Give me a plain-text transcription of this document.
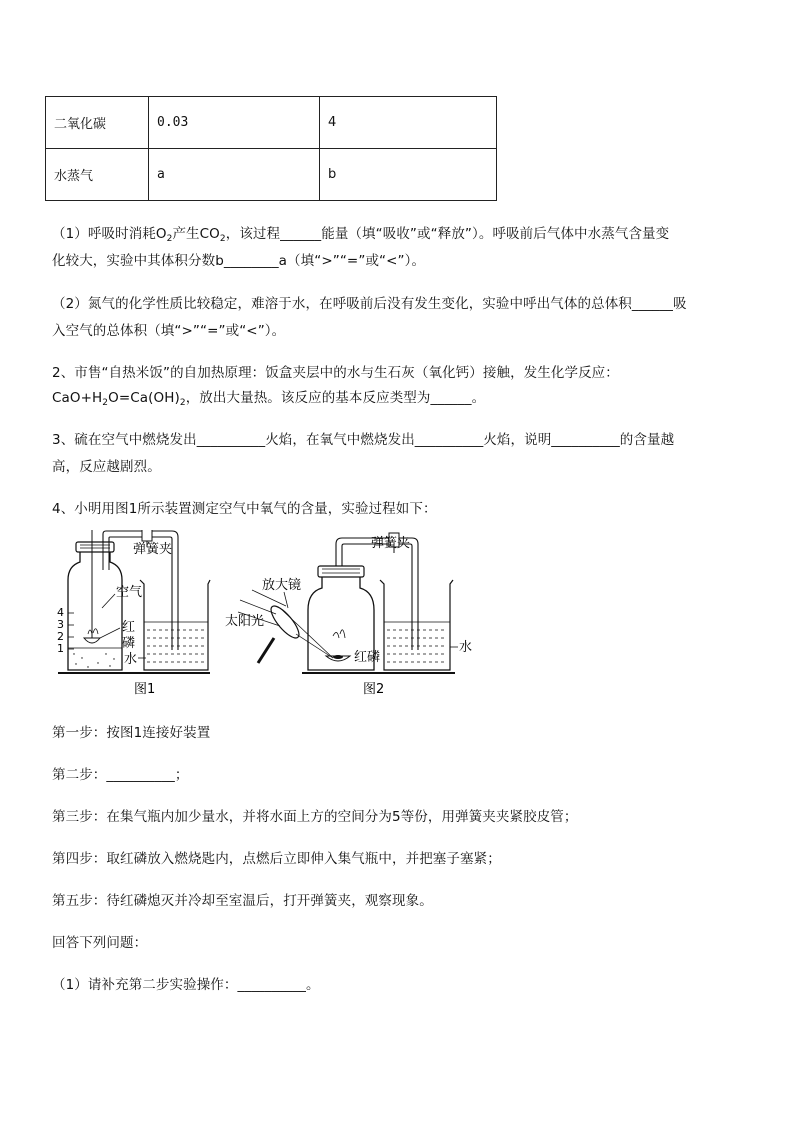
二氧化碳	0.03	4
水蒸气	a	b
（1）呼吸时消耗$O_2$产生$CO_2$，该过程______能量（填“吸收”或“释放”）。呼吸前后气体中水蒸气含量变
化较大，实验中其体积分数b________a（填“>”“=”或“<”）。
（2）氮气的化学性质比较稳定，难溶于水，在呼吸前后没有发生变化，实验中呼出气体的总体积______吸
入空气的总体积（填“>”“=”或“<”）。
2、市售“自热米饭”的自加热原理：饭盒夹层中的水与生石灰（氧化钙）接触，发生化学反应：
$CaO+H_2O=Ca(OH)_2$，放出大量热。该反应的基本反应类型为______。
3、硫在空气中燃烧发出__________火焰，在氧气中燃烧发出__________火焰，说明__________的含量越
高，反应越剧烈。
4、小明用图1所示装置测定空气中氧气的含量，实验过程如下：
4
3
2
1
弹簧夹
空气
红
磷
水
图1
弹簧夹
放大镜
太阳光
红磷
水
图2
第一步：按图1连接好装置
第二步：__________；
第三步：在集气瓶内加少量水，并将水面上方的空间分为5等份，用弹簧夹夹紧胶皮管；
第四步：取红磷放入燃烧匙内，点燃后立即伸入集气瓶中，并把塞子塞紧；
第五步：待红磷熄灭并冷却至室温后，打开弹簧夹，观察现象。
回答下列问题：
（1）请补充第二步实验操作：__________。
